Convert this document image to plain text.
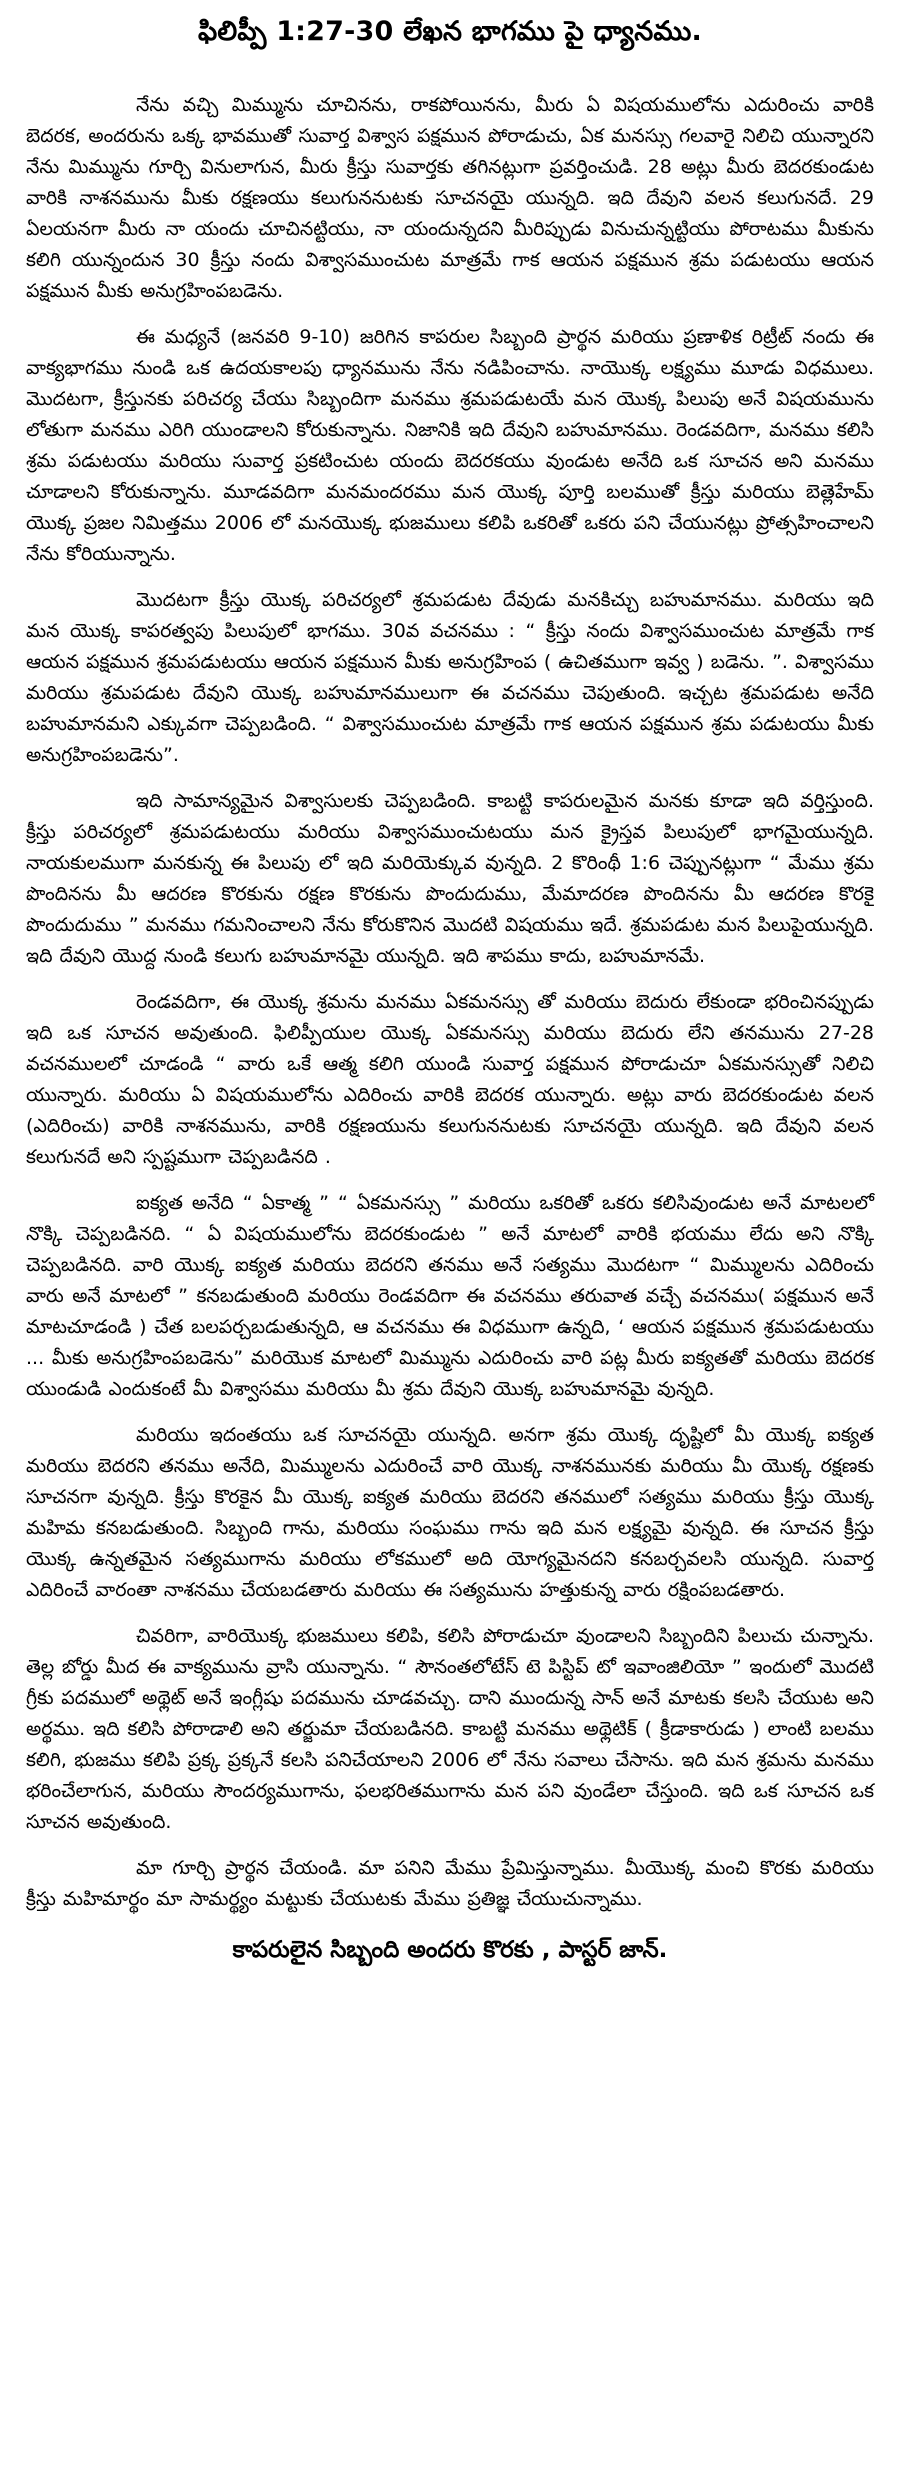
ఫిలిప్పీ 1:27-30 లేఖన భాగము పై ధ్యానము.

నేను వచ్చి మిమ్మును చూచినను, రాకపోయినను, మీరు ఏ విషయములోను ఎదురించు వారికి బెదరక, అందరును ఒక్క భావముతో సువార్త విశ్వాస పక్షమున పోరాడుచు, ఏక మనస్సు గలవారై నిలిచి యున్నారని నేను మిమ్మును గూర్చి వినులాగున, మీరు క్రీస్తు సువార్తకు తగినట్లుగా ప్రవర్తించుడి. 28 అట్లు మీరు బెదరకుండుట వారికి నాశనమును మీకు రక్షణయు కలుగుననుటకు సూచనయై యున్నది. ఇది దేవుని వలన కలుగునదే. 29 ఏలయనగా మీరు నా యందు చూచినట్టియు, నా యందున్నదని మీరిప్పుడు వినుచున్నట్టియు పోరాటము మీకును కలిగి యున్నందున 30 క్రీస్తు నందు విశ్వాసముంచుట మాత్రమే గాక ఆయన పక్షమున శ్రమ పడుటయు ఆయన పక్షమున మీకు అనుగ్రహింపబడెను.

ఈ మధ్యనే (జనవరి 9-10) జరిగిన కాపరుల సిబ్బంది ప్రార్థన మరియు ప్రణాళిక రిట్రీట్ నందు ఈ వాక్యభాగము నుండి ఒక ఉదయకాలపు ధ్యానమును నేను నడిపించాను. నాయొక్క లక్ష్యము మూడు విధములు. మొదటగా, క్రీస్తునకు పరిచర్య చేయు సిబ్బందిగా మనము శ్రమపడుటయే మన యొక్క పిలుపు అనే విషయమును లోతుగా మనము ఎరిగి యుండాలని కోరుకున్నాను. నిజానికి ఇది దేవుని బహుమానము. రెండవదిగా, మనము కలిసి శ్రమ పడుటయు మరియు సువార్త ప్రకటించుట యందు బెదరకయు వుండుట అనేది ఒక సూచన అని మనము చూడాలని కోరుకున్నాను. మూడవదిగా మనమందరము మన యొక్క పూర్తి బలముతో క్రీస్తు మరియు బెత్లెహేమ్ యొక్క ప్రజల నిమిత్తము 2006 లో మనయొక్క భుజములు కలిపి ఒకరితో ఒకరు పని చేయునట్లు ప్రోత్సహించాలని నేను కోరియున్నాను.

మొదటగా క్రీస్తు యొక్క పరిచర్యలో శ్రమపడుట దేవుడు మనకిచ్చు బహుమానము. మరియు ఇది మన యొక్క కాపరత్వపు పిలుపులో భాగము. 30వ వచనము : “ క్రీస్తు నందు విశ్వాసముంచుట మాత్రమే గాక ఆయన పక్షమున శ్రమపడుటయు ఆయన పక్షమున మీకు అనుగ్రహింప ( ఉచితముగా ఇవ్వ ) బడెను. ”. విశ్వాసము మరియు శ్రమపడుట దేవుని యొక్క బహుమానములుగా ఈ వచనము చెపుతుంది. ఇచ్చట శ్రమపడుట అనేది బహుమానమని ఎక్కువగా చెప్పబడింది. “ విశ్వాసముంచుట మాత్రమే గాక ఆయన పక్షమున శ్రమ పడుటయు మీకు అనుగ్రహింపబడెను”.

ఇది సామాన్యమైన విశ్వాసులకు చెప్పబడింది. కాబట్టి కాపరులమైన మనకు కూడా ఇది వర్తిస్తుంది. క్రీస్తు పరిచర్యలో శ్రమపడుటయు మరియు విశ్వాసముంచుటయు మన క్రైస్తవ పిలుపులో భాగమైయున్నది. నాయకులముగా మనకున్న ఈ పిలుపు లో ఇది మరియెక్కువ వున్నది. 2 కొరింథీ 1:6 చెప్పునట్లుగా “ మేము శ్రమ పొందినను మీ ఆదరణ కొరకును రక్షణ కొరకును పొందుదుము, మేమాదరణ పొందినను మీ ఆదరణ కొరకై పొందుదుము ” మనము గమనించాలని నేను కోరుకొనిన మొదటి విషయము ఇదే. శ్రమపడుట మన పిలుపైయున్నది. ఇది దేవుని యొద్ద నుండి కలుగు బహుమానమై యున్నది. ఇది శాపము కాదు, బహుమానమే.

రెండవదిగా, ఈ యొక్క శ్రమను మనము ఏకమనస్సు తో మరియు బెదురు లేకుండా భరించినప్పుడు ఇది ఒక సూచన అవుతుంది. ఫిలిప్పీయుల యొక్క ఏకమనస్సు మరియు బెదురు లేని తనమును 27-28 వచనములలో చూడండి “ వారు ఒకే ఆత్మ కలిగి యుండి సువార్త పక్షమున పోరాడుచూ ఏకమనస్సుతో నిలిచి యున్నారు. మరియు ఏ విషయములోను ఎదిరించు వారికి బెదరక యున్నారు. అట్లు వారు బెదరకుండుట వలన (ఎదిరించు) వారికి నాశనమును, వారికి రక్షణయును కలుగుననుటకు సూచనయై యున్నది. ఇది దేవుని వలన కలుగునదే అని స్పష్టముగా చెప్పబడినది .

ఐక్యత అనేది “ ఏకాత్మ ” “ ఏకమనస్సు ” మరియు ఒకరితో ఒకరు కలిసివుండుట అనే మాటలలో నొక్కి చెప్పబడినది. “ ఏ విషయములోను బెదరకుండుట ” అనే మాటలో వారికి భయము లేదు అని నొక్కి చెప్పబడినది. వారి యొక్క ఐక్యత మరియు బెదరని తనము అనే సత్యము మొదటగా “ మిమ్ములను ఎదిరించు వారు అనే మాటలో ” కనబడుతుంది మరియు రెండవదిగా ఈ వచనము తరువాత వచ్చే వచనము( పక్షమున అనే మాటచూడండి ) చేత బలపర్చబడుతున్నది, ఆ వచనము ఈ విధముగా ఉన్నది, ‘ ఆయన పక్షమున శ్రమపడుటయు ... మీకు అనుగ్రహింపబడెను” మరియొక మాటలో మిమ్మును ఎదురించు వారి పట్ల మీరు ఐక్యతతో మరియు బెదరక యుండుడి ఎందుకంటే మీ విశ్వాసము మరియు మీ శ్రమ దేవుని యొక్క బహుమానమై వున్నది.

మరియు ఇదంతయు ఒక సూచనయై యున్నది. అనగా శ్రమ యొక్క దృష్టిలో మీ యొక్క ఐక్యత మరియు బెదరని తనము అనేది, మిమ్ములను ఎదురించే వారి యొక్క నాశనమునకు మరియు మీ యొక్క రక్షణకు సూచనగా వున్నది. క్రీస్తు కొరకైన మీ యొక్క ఐక్యత మరియు బెదరని తనములో సత్యము మరియు క్రీస్తు యొక్క మహిమ కనబడుతుంది. సిబ్బంది గాను, మరియు సంఘము గాను ఇది మన లక్ష్యమై వున్నది. ఈ సూచన క్రీస్తు యొక్క ఉన్నతమైన సత్యముగాను మరియు లోకములో అది యోగ్యమైనదని కనబర్చవలసి యున్నది. సువార్త ఎదిరించే వారంతా నాశనము చేయబడతారు మరియు ఈ సత్యమును హత్తుకున్న వారు రక్షింపబడతారు.

చివరిగా, వారియొక్క భుజములు కలిపి, కలిసి పోరాడుచూ వుండాలని సిబ్బందిని పిలుచు చున్నాను. తెల్ల బోర్డు మీద ఈ వాక్యమును వ్రాసి యున్నాను. “ సౌనంతలోటేస్ టె పిస్టిప్ టో ఇవాంజిలియో ” ఇందులో మొదటి గ్రీకు పదములో అథ్లెట్ అనే ఇంగ్లీషు పదమును చూడవచ్చు. దాని ముందున్న సాన్ అనే మాటకు కలసి చేయుట అని అర్థము. ఇది కలిసి పోరాడాలి అని తర్జుమా చేయబడినది. కాబట్టి మనము అథ్లెటిక్ ( క్రీడాకారుడు ) లాంటి బలము కలిగి, భుజము కలిపి ప్రక్క ప్రక్కనే కలసి పనిచేయాలని 2006 లో నేను సవాలు చేసాను. ఇది మన శ్రమను మనము భరించేలాగున, మరియు సౌందర్యముగాను, ఫలభరితముగాను మన పని వుండేలా చేస్తుంది. ఇది ఒక సూచన ఒక సూచన అవుతుంది.

మా గూర్చి ప్రార్థన చేయండి. మా పనిని మేము ప్రేమిస్తున్నాము. మీయొక్క మంచి కొరకు మరియు క్రీస్తు మహిమార్థం మా సామర్థ్యం మట్టుకు చేయుటకు మేము ప్రతిజ్ఞ చేయుచున్నాము.

కాపరులైన సిబ్బంది అందరు కొరకు , పాస్టర్ జాన్.
